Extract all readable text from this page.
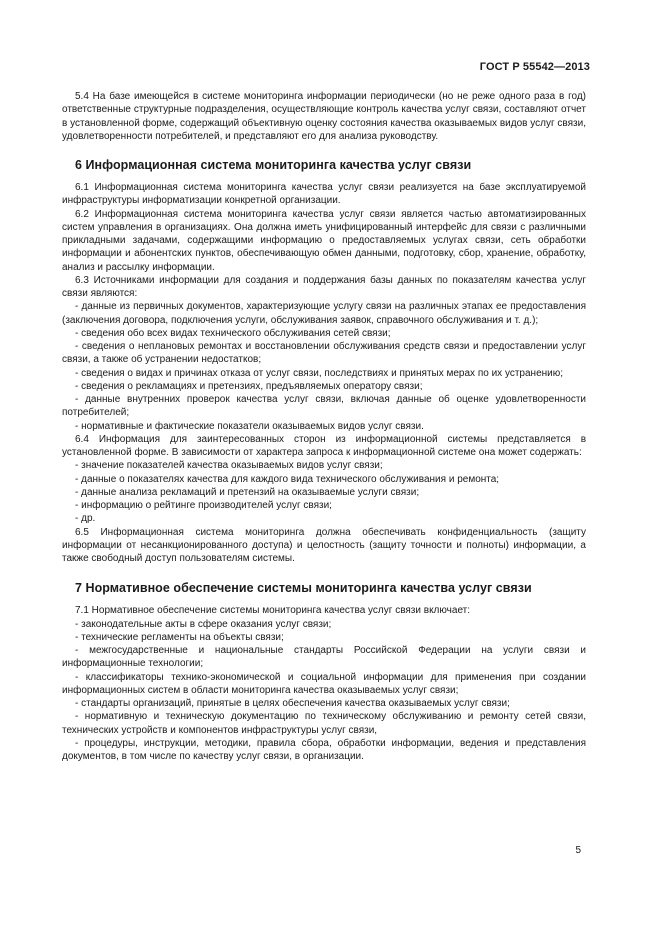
ГОСТ Р 55542—2013

5.4 На базе имеющейся в системе мониторинга информации периодически (но не реже одного раза в год) ответственные структурные подразделения, осуществляющие контроль качества услуг связи, составляют отчет в установленной форме, содержащий объективную оценку состояния качества оказываемых видов услуг связи, удовлетворенности потребителей, и представляют его для анализа руководству.

6 Информационная система мониторинга качества услуг связи

6.1 Информационная система мониторинга качества услуг связи реализуется на базе эксплуатируемой инфраструктуры информатизации конкретной организации.

6.2 Информационная система мониторинга качества услуг связи является частью автоматизированных систем управления в организациях. Она должна иметь унифицированный интерфейс для связи с различными прикладными задачами, содержащими информацию о предоставляемых услугах связи, сеть обработки информации и абонентских пунктов, обеспечивающую обмен данными, подготовку, сбор, хранение, обработку, анализ и рассылку информации.

6.3 Источниками информации для создания и поддержания базы данных по показателям качества услуг связи являются:

- данные из первичных документов, характеризующие услугу связи на различных этапах ее предоставления (заключения договора, подключения услуги, обслуживания заявок, справочного обслуживания и т. д.);

- сведения обо всех видах технического обслуживания сетей связи;

- сведения о неплановых ремонтах и восстановлении обслуживания средств связи и предоставлении услуг связи, а также об устранении недостатков;

- сведения о видах и причинах отказа от услуг связи, последствиях и принятых мерах по их устранению;

- сведения о рекламациях и претензиях, предъявляемых оператору связи;

- данные внутренних проверок качества услуг связи, включая данные об оценке удовлетворенности потребителей;

- нормативные и фактические показатели оказываемых видов услуг связи.

6.4 Информация для заинтересованных сторон из информационной системы представляется в установленной форме. В зависимости от характера запроса к информационной системе она может содержать:

- значение показателей качества оказываемых видов услуг связи;

- данные о показателях качества для каждого вида технического обслуживания и ремонта;

- данные анализа рекламаций и претензий на оказываемые услуги связи;

- информацию о рейтинге производителей услуг связи;

- др.

6.5 Информационная система мониторинга должна обеспечивать конфиденциальность (защиту информации от несанкционированного доступа) и целостность (защиту точности и полноты) информации, а также свободный доступ пользователям системы.

7 Нормативное обеспечение системы мониторинга качества услуг связи

7.1 Нормативное обеспечение системы мониторинга качества услуг связи включает:

- законодательные акты в сфере оказания услуг связи;

- технические регламенты на объекты связи;

- межгосударственные и национальные стандарты Российской Федерации на услуги связи и информационные технологии;

- классификаторы технико-экономической и социальной информации для применения при создании информационных систем в области мониторинга качества оказываемых услуг связи;

- стандарты организаций, принятые в целях обеспечения качества оказываемых услуг связи;

- нормативную и техническую документацию по техническому обслуживанию и ремонту сетей связи, технических устройств и компонентов инфраструктуры услуг связи,

- процедуры, инструкции, методики, правила сбора, обработки информации, ведения и представления документов, в том числе по качеству услуг связи, в организации.

5
